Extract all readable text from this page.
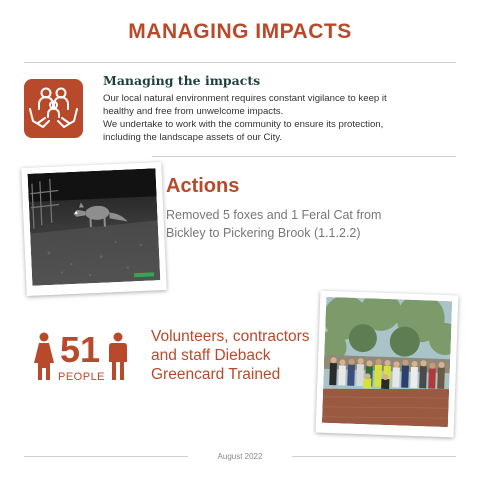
MANAGING IMPACTS
Managing the impacts

Our local natural environment requires constant vigilance to keep it healthy and free from unwelcome impacts.

We undertake to work with the community to ensure its protection, including the landscape assets of our City.

Actions
Removed 5 foxes and 1 Feral Cat from Bickley to Pickering Brook (1.1.2.2)
51
PEOPLE
Volunteers, contractors and staff Dieback Greencard Trained
August 2022
